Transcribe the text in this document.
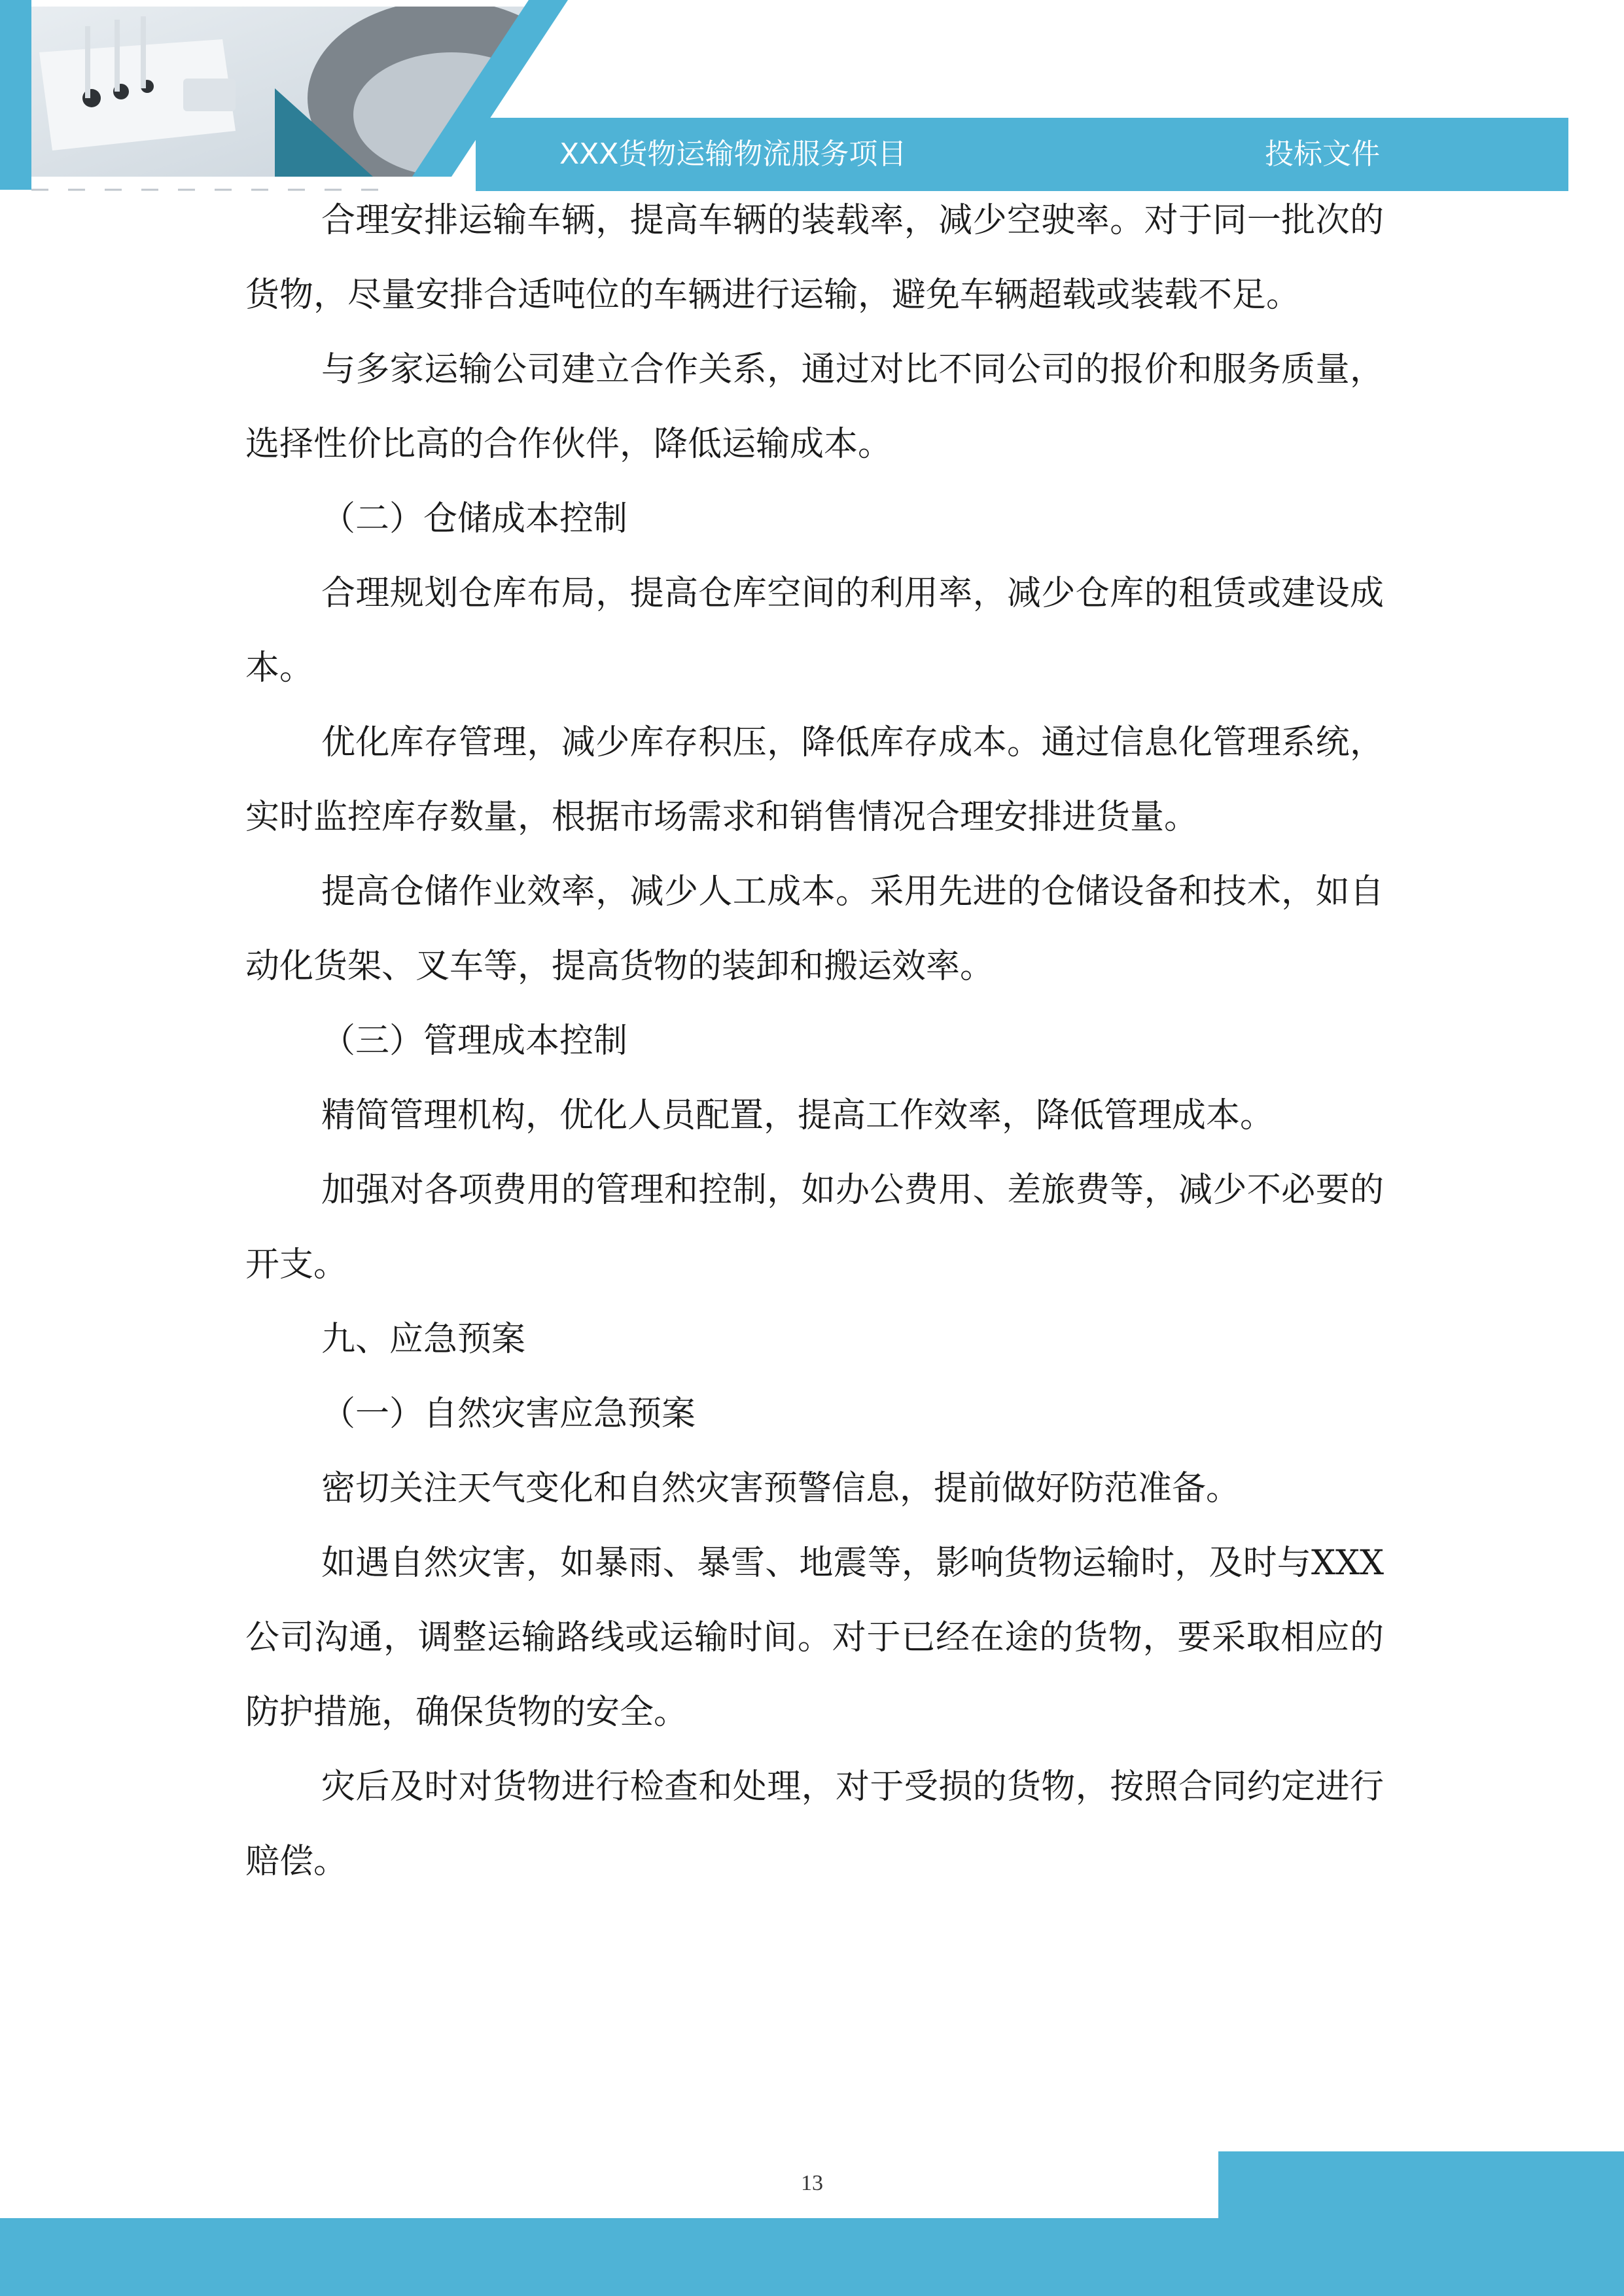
XXX货物运输物流服务项目	投标文件

合理安排运输车辆，提高车辆的装载率，减少空驶率。对于同一批次的货物，尽量安排合适吨位的车辆进行运输，避免车辆超载或装载不足。

与多家运输公司建立合作关系，通过对比不同公司的报价和服务质量，选择性价比高的合作伙伴，降低运输成本。

（二）仓储成本控制

合理规划仓库布局，提高仓库空间的利用率，减少仓库的租赁或建设成本。

优化库存管理，减少库存积压，降低库存成本。通过信息化管理系统，实时监控库存数量，根据市场需求和销售情况合理安排进货量。

提高仓储作业效率，减少人工成本。采用先进的仓储设备和技术，如自动化货架、叉车等，提高货物的装卸和搬运效率。

（三）管理成本控制

精简管理机构，优化人员配置，提高工作效率，降低管理成本。

加强对各项费用的管理和控制，如办公费用、差旅费等，减少不必要的开支。

九、应急预案

（一）自然灾害应急预案

密切关注天气变化和自然灾害预警信息，提前做好防范准备。

如遇自然灾害，如暴雨、暴雪、地震等，影响货物运输时，及时与XXX公司沟通，调整运输路线或运输时间。对于已经在途的货物，要采取相应的防护措施，确保货物的安全。

灾后及时对货物进行检查和处理，对于受损的货物，按照合同约定进行赔偿。

13
